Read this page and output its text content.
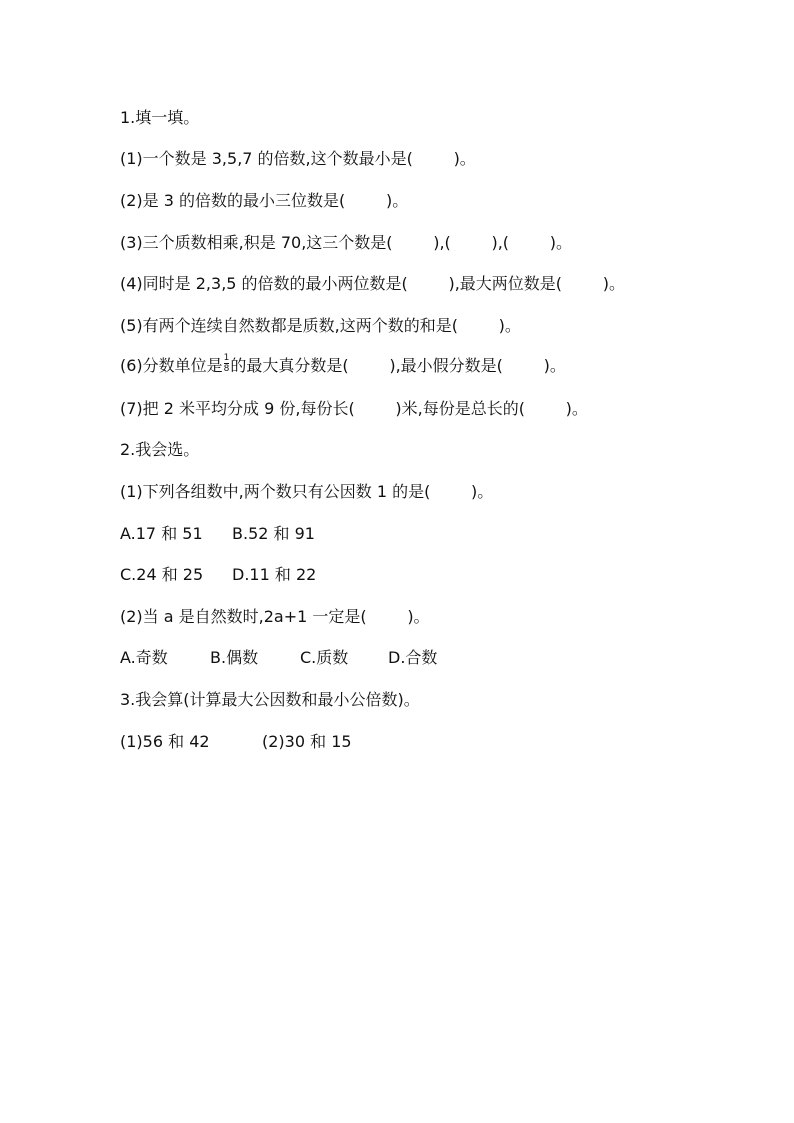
1.填一填。
(1)一个数是 3,5,7 的倍数,这个数最小是(        )。
(2)是 3 的倍数的最小三位数是(        )。
(3)三个质数相乘,积是 70,这三个数是(        ),(        ),(        )。
(4)同时是 2,3,5 的倍数的最小两位数是(        ),最大两位数是(        )。
(5)有两个连续自然数都是质数,这两个数的和是(        )。
(6)分数单位是 $\frac{1}{8}$ 的最大真分数是(        ),最小假分数是(        )。
(7)把 2 米平均分成 9 份,每份长(        )米,每份是总长的(        )。
2.我会选。
(1)下列各组数中,两个数只有公因数 1 的是(        )。
A.17 和 51 B.52 和 91
C.24 和 25 D.11 和 22
(2)当 a 是自然数时,2a+1 一定是(        )。
A.奇数	B.偶数	C.质数 D.合数
3.我会算(计算最大公因数和最小公倍数)。
(1)56 和 42	(2)30 和 15
